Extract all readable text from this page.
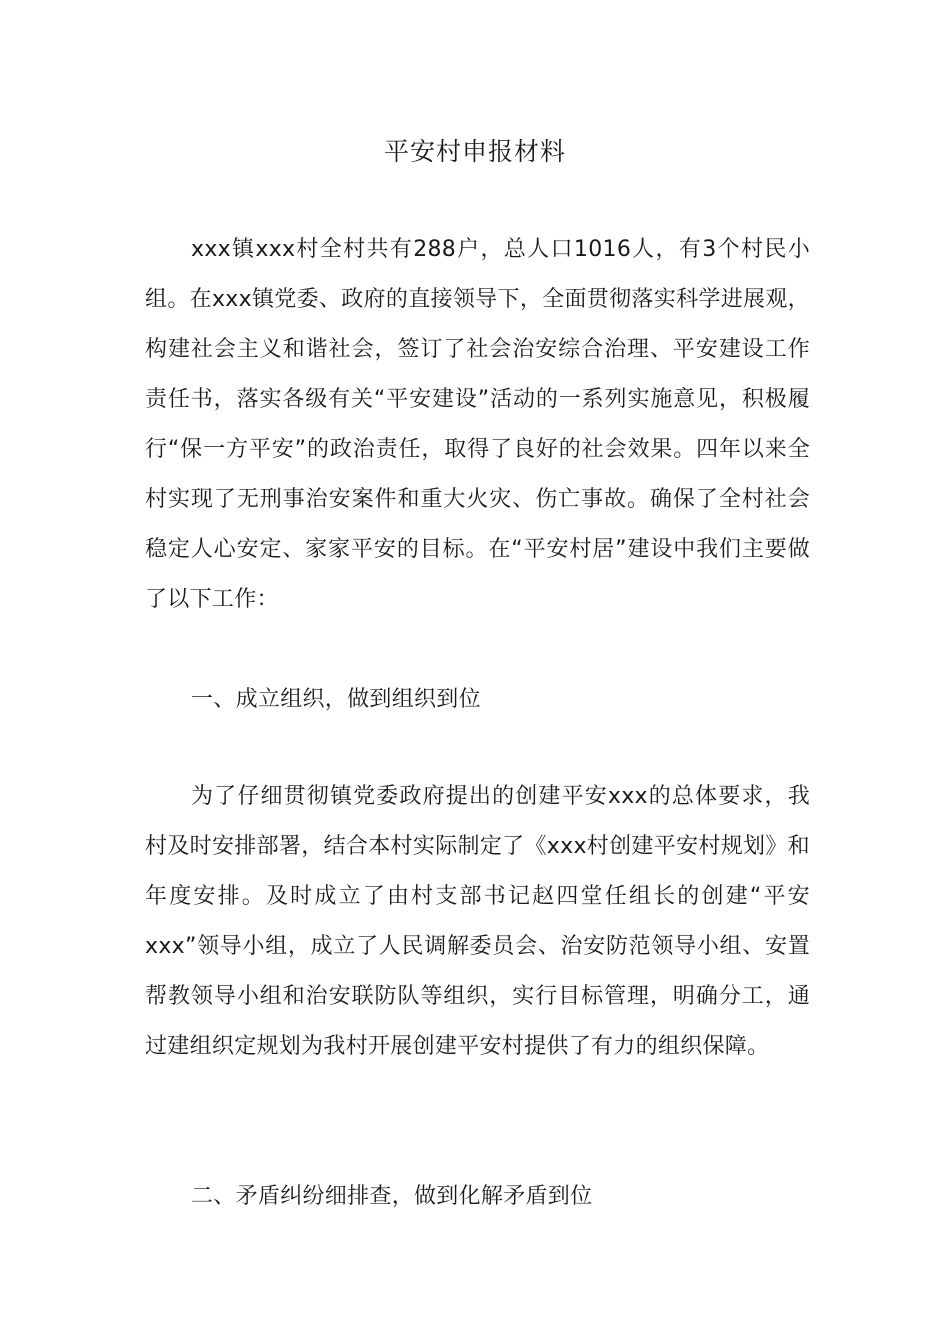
平安村申报材料

xxx镇xxx村全村共有288户，总人口1016人，有3个村民小组。在xxx镇党委、政府的直接领导下，全面贯彻落实科学进展观，构建社会主义和谐社会，签订了社会治安综合治理、平安建设工作责任书，落实各级有关“平安建设”活动的一系列实施意见，积极履行“保一方平安”的政治责任，取得了良好的社会效果。四年以来全村实现了无刑事治安案件和重大火灾、伤亡事故。确保了全村社会稳定人心安定、家家平安的目标。在“平安村居”建设中我们主要做了以下工作：

一、成立组织，做到组织到位

为了仔细贯彻镇党委政府提出的创建平安xxx的总体要求，我村及时安排部署，结合本村实际制定了《xxx村创建平安村规划》和年度安排。及时成立了由村支部书记赵四堂任组长的创建“平安xxx”领导小组，成立了人民调解委员会、治安防范领导小组、安置帮教领导小组和治安联防队等组织，实行目标管理，明确分工，通过建组织定规划为我村开展创建平安村提供了有力的组织保障。

二、矛盾纠纷细排查，做到化解矛盾到位
